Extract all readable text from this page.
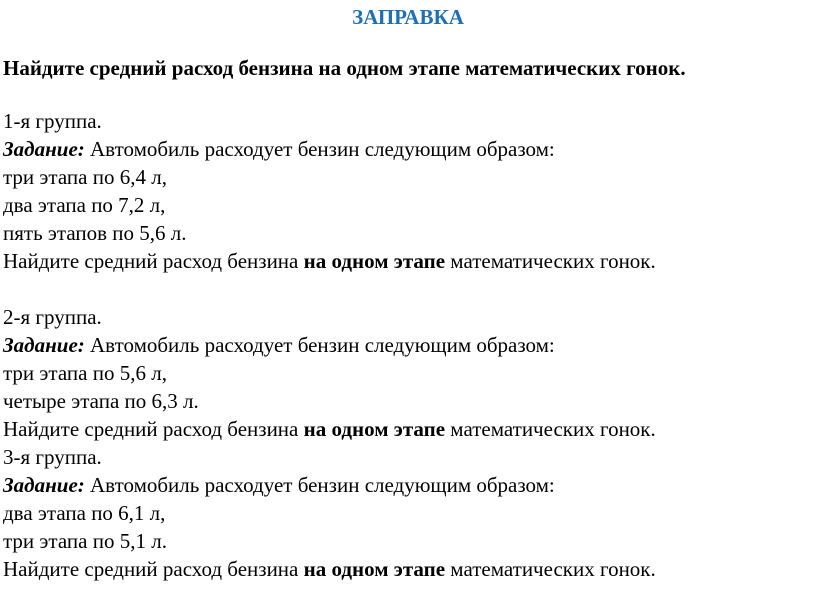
ЗАПРАВКА
Найдите средний расход бензина на одном этапе математических гонок.
1-я группа.
Задание: Автомобиль расходует бензин следующим образом:
три этапа по 6,4 л,
два этапа по 7,2 л,
пять этапов по 5,6 л.
Найдите средний расход бензина на одном этапе математических гонок.
2-я группа.
Задание: Автомобиль расходует бензин следующим образом:
три этапа по 5,6 л,
четыре этапа по 6,3 л.
Найдите средний расход бензина на одном этапе математических гонок.
3-я группа.
Задание: Автомобиль расходует бензин следующим образом:
два этапа по 6,1 л,
три этапа по 5,1 л.
Найдите средний расход бензина на одном этапе математических гонок.
